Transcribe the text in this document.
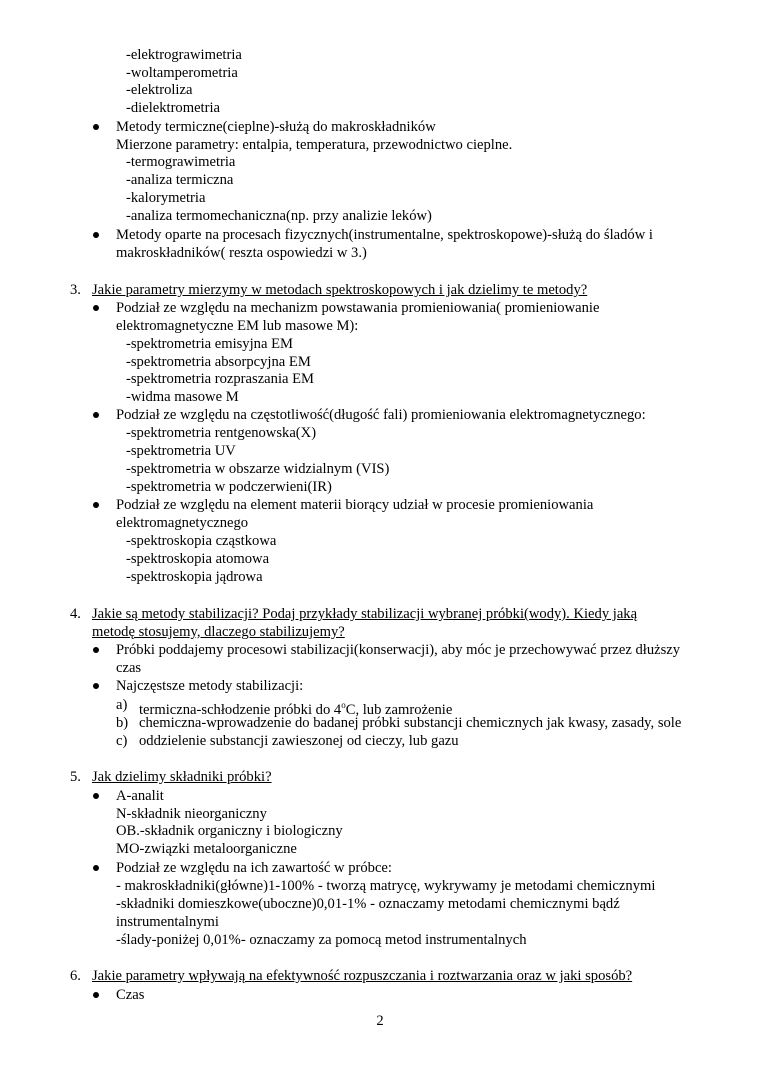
-elektrograwimetria
-woltamperometria
-elektroliza
-dielektrometria
Metody termiczne(cieplne)-służą do makroskładników
Mierzone parametry: entalpia, temperatura, przewodnictwo cieplne.
-termograwimetria
-analiza termiczna
-kalorymetria
-analiza termomechaniczna(np. przy analizie leków)
Metody oparte na procesach fizycznych(instrumentalne, spektroskopowe)-służą do śladów i
makroskładników( reszta ospowiedzi w 3.)
3. Jakie parametry mierzymy w metodach spektroskopowych i jak dzielimy te metody?
Podział ze względu na mechanizm powstawania promieniowania( promieniowanie
elektromagnetyczne EM lub masowe M):
-spektrometria emisyjna EM
-spektrometria absorpcyjna EM
-spektrometria rozpraszania EM
-widma masowe M
Podział ze względu na częstotliwość(długość fali) promieniowania elektromagnetycznego:
-spektrometria rentgenowska(X)
-spektrometria UV
-spektrometria w obszarze widzialnym (VIS)
-spektrometria w podczerwieni(IR)
Podział ze względu na element materii biorący udział w procesie promieniowania
elektromagnetycznego
-spektroskopia cząstkowa
-spektroskopia atomowa
-spektroskopia jądrowa
4. Jakie są metody stabilizacji? Podaj przykłady stabilizacji wybranej próbki(wody). Kiedy jaką
metodę stosujemy, dlaczego stabilizujemy?
Próbki poddajemy procesowi stabilizacji(konserwacji), aby móc je przechowywać przez dłuższy
czas
Najczęstsze metody stabilizacji:
a) termiczna-schłodzenie próbki do 4$^o$C, lub zamrożenie
b) chemiczna-wprowadzenie do badanej próbki substancji chemicznych jak kwasy, zasady, sole
c) oddzielenie substancji zawieszonej od cieczy, lub gazu
5. Jak dzielimy składniki próbki?
A-analit
N-składnik nieorganiczny
OB.-składnik organiczny i biologiczny
MO-związki metaloorganiczne
Podział ze względu na ich zawartość w próbce:
- makroskładniki(główne)1-100% - tworzą matrycę, wykrywamy je metodami chemicznymi
-składniki domieszkowe(uboczne)0,01-1% - oznaczamy metodami chemicznymi bądź
instrumentalnymi
-ślady-poniżej 0,01%- oznaczamy za pomocą metod instrumentalnych
6. Jakie parametry wpływają na efektywność rozpuszczania i roztwarzania oraz w jaki sposób?
Czas
2
